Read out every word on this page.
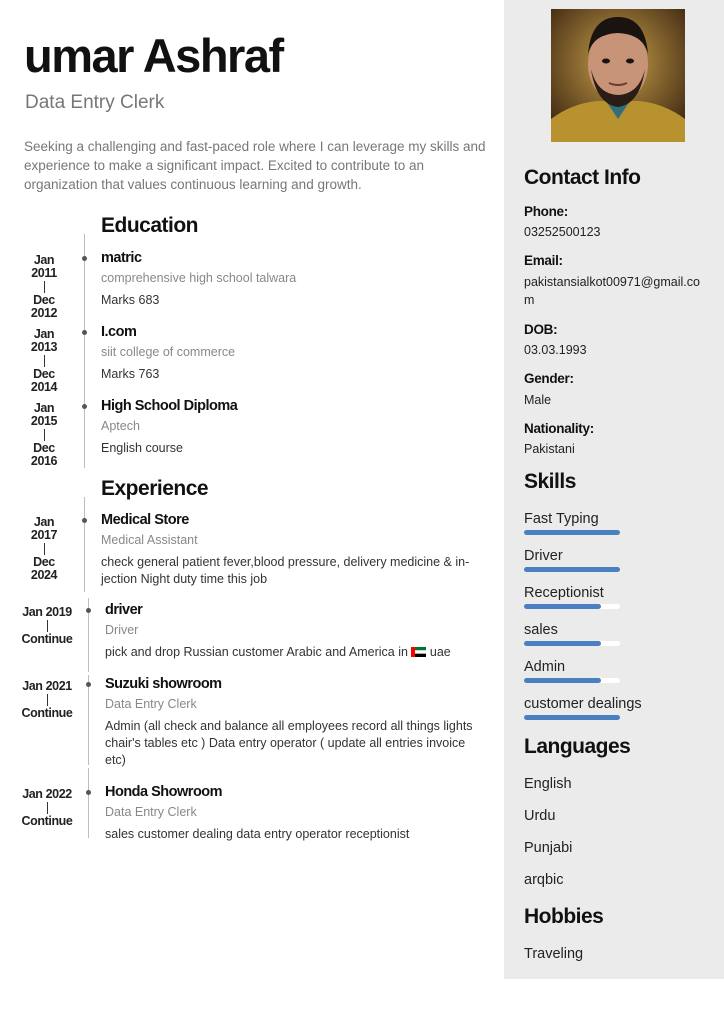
umar Ashraf
Data Entry Clerk
Seeking a challenging and fast-paced role where I can leverage my skills and experience to make a significant impact. Excited to contribute to an organization that values continuous learning and growth.
Education
Jan
2011
Dec
2012
matric
comprehensive high school talwara
Marks 683
Jan
2013
Dec
2014
I.com
siit college of commerce
Marks 763
Jan
2015
Dec
2016
High School Diploma
Aptech
English course
Experience
Jan
2017
Dec
2024
Medical Store
Medical Assistant
check general patient fever,blood pressure, delivery medicine & in-jection Night duty time this job
Jan 2019
Continue
driver
Driver
pick and drop Russian customer Arabic and America in uae
Jan 2021
Continue
Suzuki showroom
Data Entry Clerk
Admin (all check and balance all employees record all things lights chair's tables etc ) Data entry operator ( update all entries invoice etc)
Jan 2022
Continue
Honda Showroom
Data Entry Clerk
sales customer dealing data entry operator receptionist
Contact Info
Phone:
03252500123
Email:
pakistansialkot00971@gmail.com
DOB:
03.03.1993
Gender:
Male
Nationality:
Pakistani
Skills
Fast Typing
Driver
Receptionist
sales
Admin
customer dealings
Languages
English
Urdu
Punjabi
arqbic
Hobbies
Traveling
